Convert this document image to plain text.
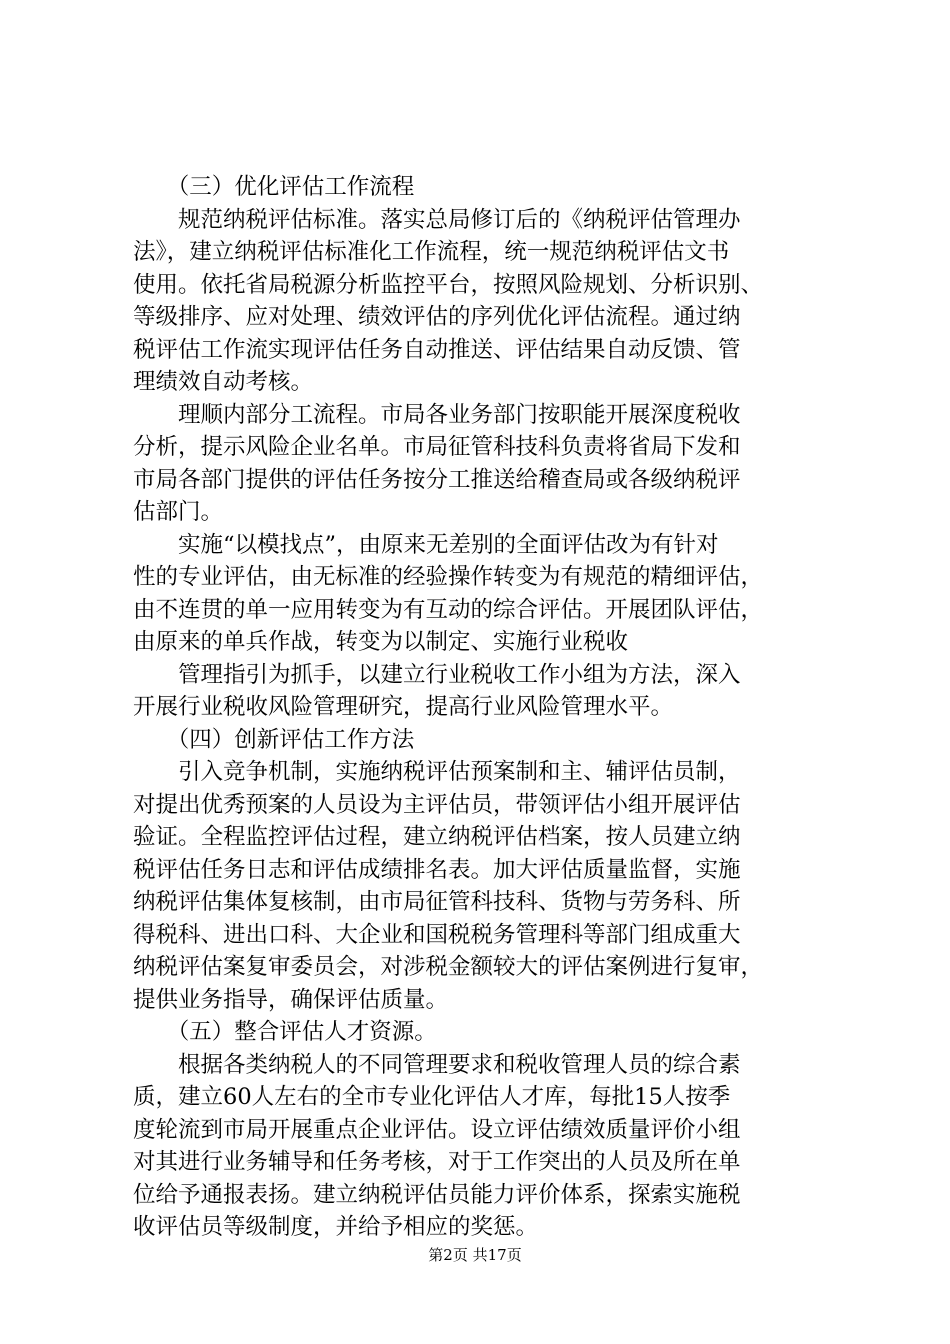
　　（三）优化评估工作流程
　　规范纳税评估标准。落实总局修订后的《纳税评估管理办
法》，建立纳税评估标准化工作流程，统一规范纳税评估文书
使用。依托省局税源分析监控平台，按照风险规划、分析识别、
等级排序、应对处理、绩效评估的序列优化评估流程。通过纳
税评估工作流实现评估任务自动推送、评估结果自动反馈、管
理绩效自动考核。
　　理顺内部分工流程。市局各业务部门按职能开展深度税收
分析，提示风险企业名单。市局征管科技科负责将省局下发和
市局各部门提供的评估任务按分工推送给稽查局或各级纳税评
估部门。
　　实施“以模找点”，由原来无差别的全面评估改为有针对
性的专业评估，由无标准的经验操作转变为有规范的精细评估，
由不连贯的单一应用转变为有互动的综合评估。开展团队评估，
由原来的单兵作战，转变为以制定、实施行业税收
　　管理指引为抓手，以建立行业税收工作小组为方法，深入
开展行业税收风险管理研究，提高行业风险管理水平。
　　（四）创新评估工作方法
　　引入竞争机制，实施纳税评估预案制和主、辅评估员制，
对提出优秀预案的人员设为主评估员，带领评估小组开展评估
验证。全程监控评估过程，建立纳税评估档案，按人员建立纳
税评估任务日志和评估成绩排名表。加大评估质量监督，实施
纳税评估集体复核制，由市局征管科技科、货物与劳务科、所
得税科、进出口科、大企业和国税税务管理科等部门组成重大
纳税评估案复审委员会，对涉税金额较大的评估案例进行复审，
提供业务指导，确保评估质量。
　　（五）整合评估人才资源。
　　根据各类纳税人的不同管理要求和税收管理人员的综合素
质，建立60人左右的全市专业化评估人才库，每批15人按季
度轮流到市局开展重点企业评估。设立评估绩效质量评价小组
对其进行业务辅导和任务考核，对于工作突出的人员及所在单
位给予通报表扬。建立纳税评估员能力评价体系，探索实施税
收评估员等级制度，并给予相应的奖惩。
第2页 共17页
